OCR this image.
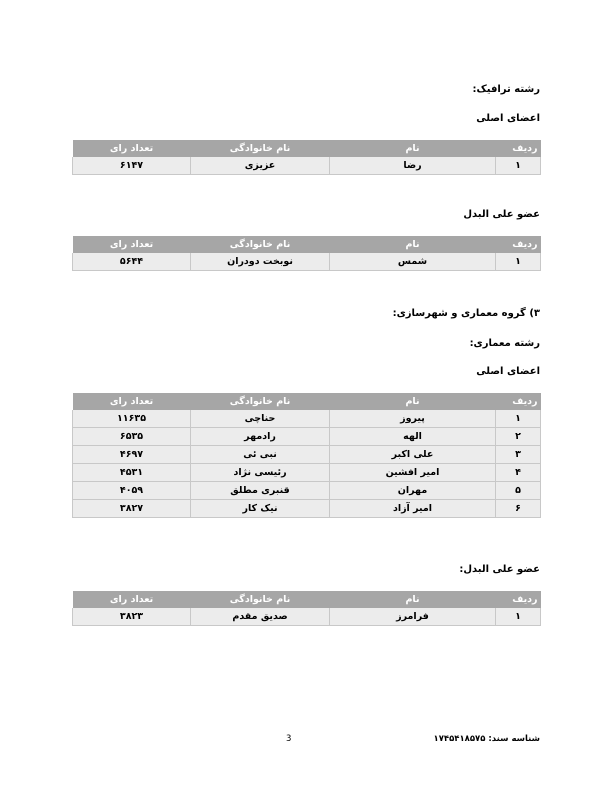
رشته ترافیک:
اعضای اصلی
ردیف	نام	نام خانوادگی	تعداد رای
۱	رضا	عزیزی	۶۱۴۷
عضو علی البدل
ردیف	نام	نام خانوادگی	تعداد رای
۱	شمس	نوبخت دودران	۵۶۴۴
۳) گروه معماری و شهرسازی:
رشته معماری:
اعضای اصلی
ردیف	نام	نام خانوادگی	تعداد رای
۱	پیروز	حناچی	۱۱۶۳۵
۲	الهه	رادمهر	۶۵۳۵
۳	علی اکبر	نبی ئی	۴۶۹۷
۴	امیر افشین	رئیسی نژاد	۴۵۳۱
۵	مهران	قنبری مطلق	۴۰۵۹
۶	امیر آزاد	نیک کار	۳۸۲۷
عضو علی البدل:
ردیف	نام	نام خانوادگی	تعداد رای
۱	فرامرز	صدیق مقدم	۳۸۲۳
شناسه سند: ۱۷۴۵۴۱۸۵۷۵
3
